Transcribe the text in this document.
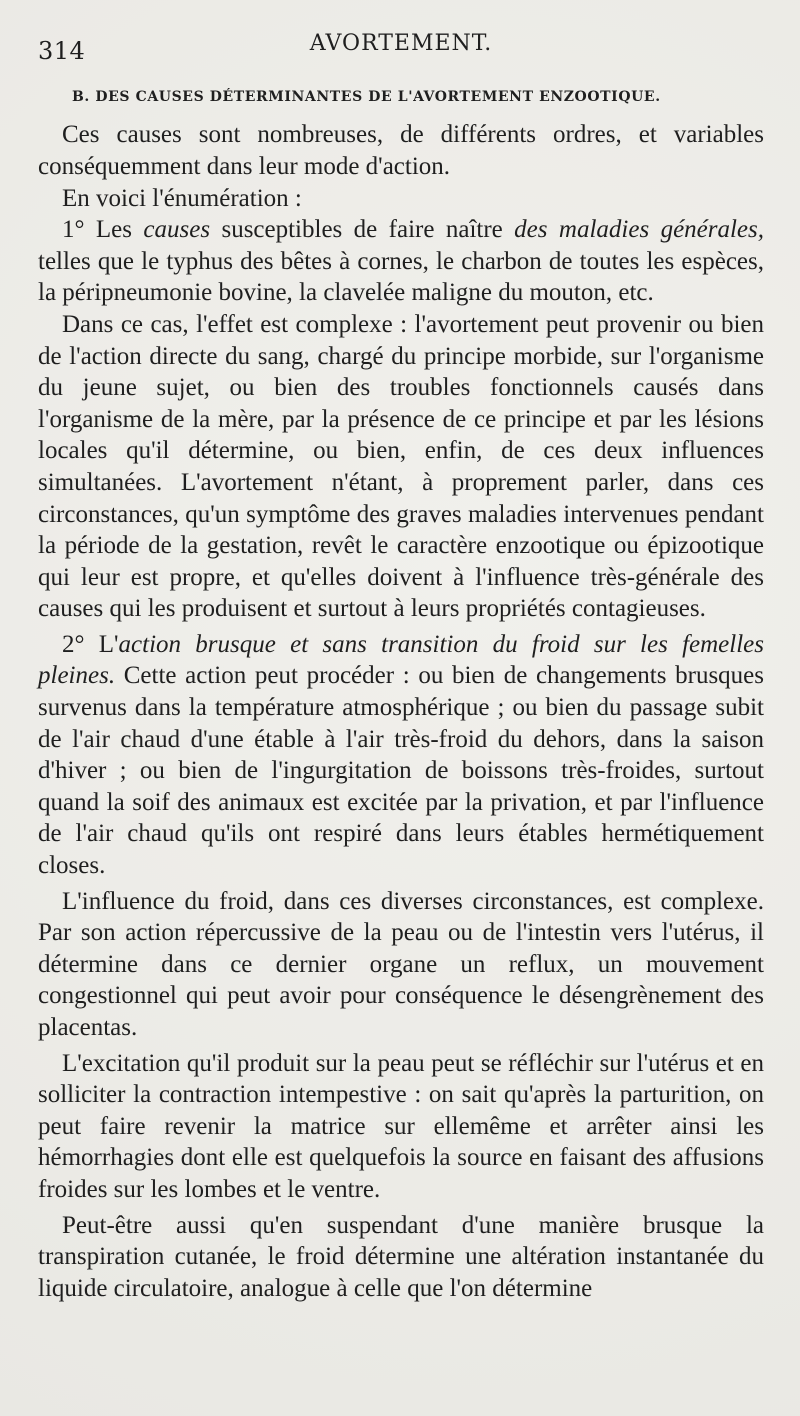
314	AVORTEMENT.
B. DES CAUSES DÉTERMINANTES DE L'AVORTEMENT ENZOOTIQUE.

Ces causes sont nombreuses, de différents ordres, et variables conséquemment dans leur mode d'action.

En voici l'énumération :

1° Les causes susceptibles de faire naître des maladies générales, telles que le typhus des bêtes à cornes, le charbon de toutes les espèces, la péripneumonie bovine, la clavelée maligne du mouton, etc.

Dans ce cas, l'effet est complexe : l'avortement peut provenir ou bien de l'action directe du sang, chargé du principe morbide, sur l'organisme du jeune sujet, ou bien des troubles fonctionnels causés dans l'organisme de la mère, par la présence de ce principe et par les lésions locales qu'il détermine, ou bien, enfin, de ces deux influences simultanées. L'avortement n'étant, à proprement parler, dans ces circonstances, qu'un symptôme des graves maladies intervenues pendant la période de la gestation, revêt le caractère enzootique ou épizootique qui leur est propre, et qu'elles doivent à l'influence très-générale des causes qui les produisent et surtout à leurs propriétés contagieuses.

2° L'action brusque et sans transition du froid sur les femelles pleines. Cette action peut procéder : ou bien de changements brusques survenus dans la température atmosphérique ; ou bien du passage subit de l'air chaud d'une étable à l'air très-froid du dehors, dans la saison d'hiver ; ou bien de l'ingurgitation de boissons très-froides, surtout quand la soif des animaux est excitée par la privation, et par l'influence de l'air chaud qu'ils ont respiré dans leurs étables hermétiquement closes.

L'influence du froid, dans ces diverses circonstances, est complexe. Par son action répercussive de la peau ou de l'intestin vers l'utérus, il détermine dans ce dernier organe un reflux, un mouvement congestionnel qui peut avoir pour conséquence le désengrènement des placentas.

L'excitation qu'il produit sur la peau peut se réfléchir sur l'utérus et en solliciter la contraction intempestive : on sait qu'après la parturition, on peut faire revenir la matrice sur ellemême et arrêter ainsi les hémorrhagies dont elle est quelquefois la source en faisant des affusions froides sur les lombes et le ventre.

Peut-être aussi qu'en suspendant d'une manière brusque la transpiration cutanée, le froid détermine une altération instantanée du liquide circulatoire, analogue à celle que l'on détermine
